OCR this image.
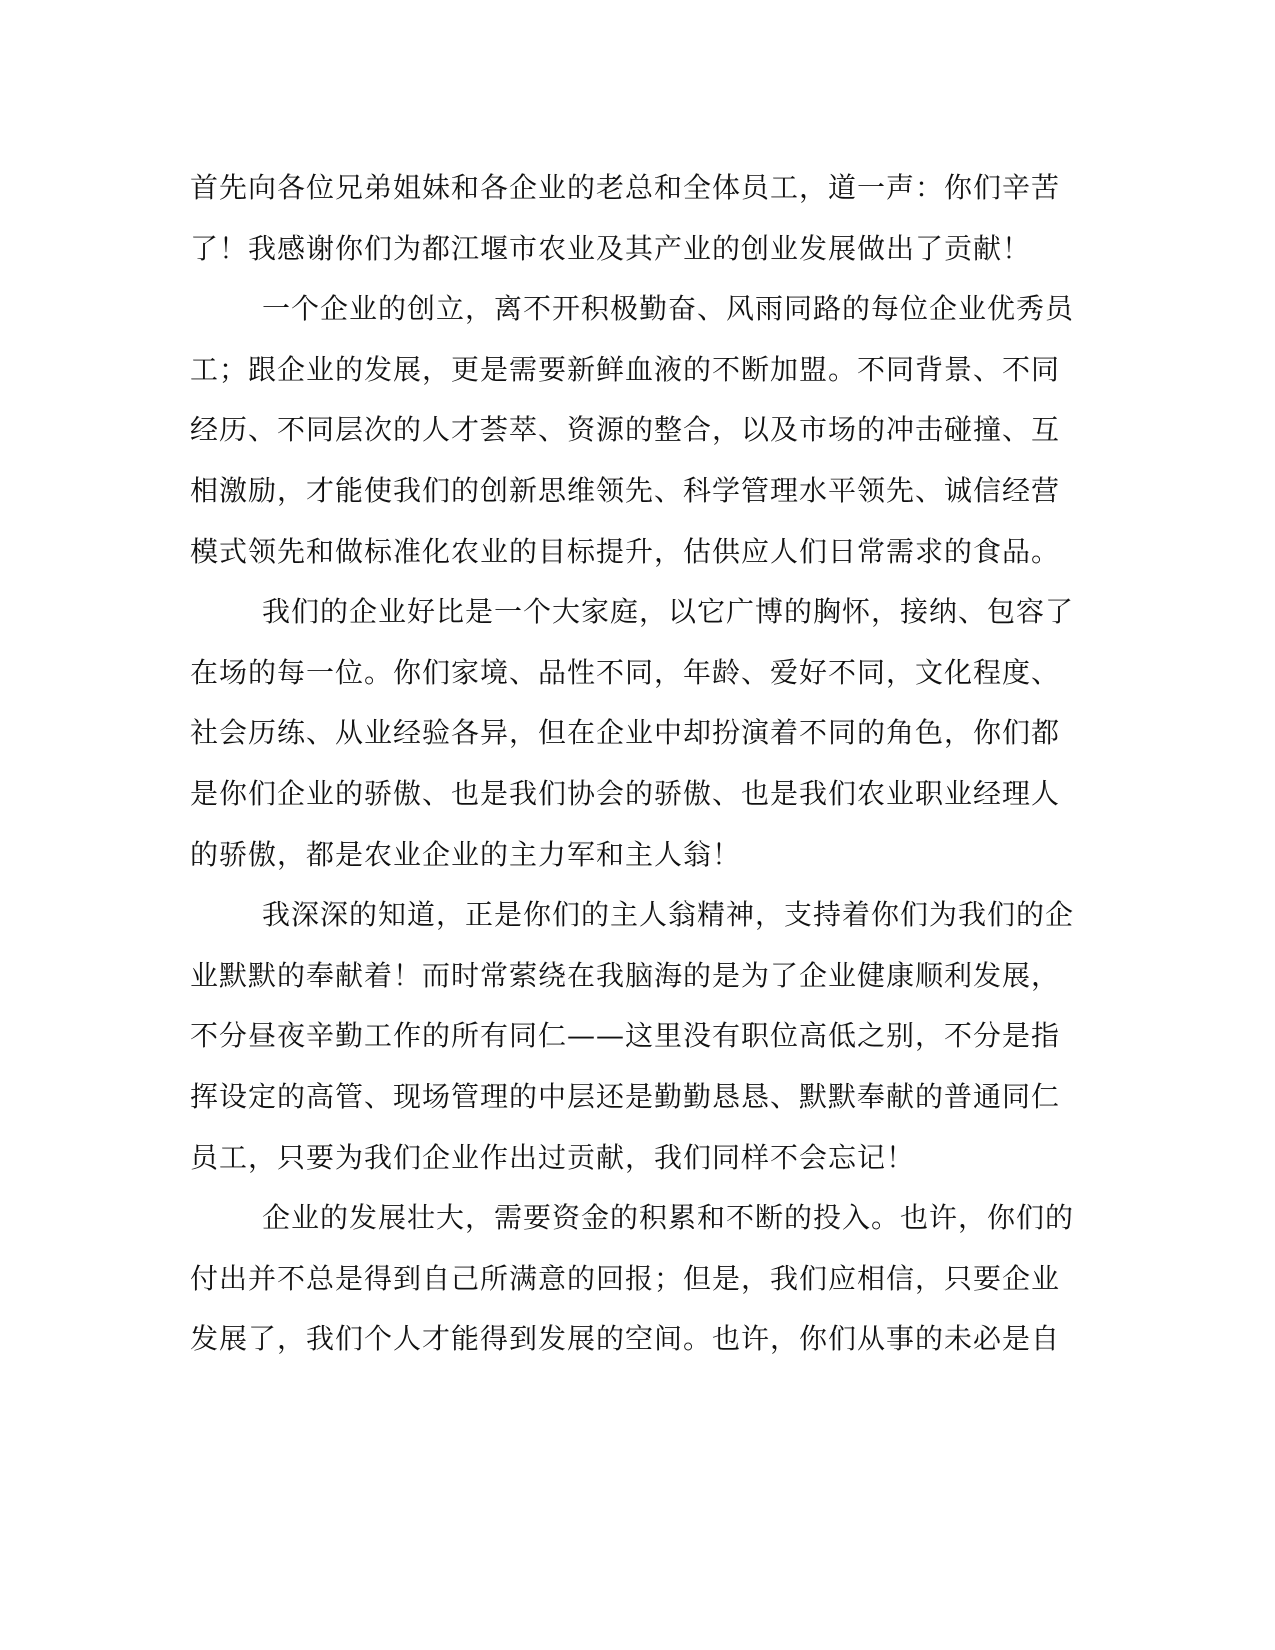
首先向各位兄弟姐妹和各企业的老总和全体员工，道一声：你们辛苦
了！我感谢你们为都江堰市农业及其产业的创业发展做出了贡献！
一个企业的创立，离不开积极勤奋、风雨同路的每位企业优秀员
工；跟企业的发展，更是需要新鲜血液的不断加盟。不同背景、不同
经历、不同层次的人才荟萃、资源的整合，以及市场的冲击碰撞、互
相激励，才能使我们的创新思维领先、科学管理水平领先、诚信经营
模式领先和做标准化农业的目标提升，估供应人们日常需求的食品。
我们的企业好比是一个大家庭，以它广博的胸怀，接纳、包容了
在场的每一位。你们家境、品性不同，年龄、爱好不同，文化程度、
社会历练、从业经验各异，但在企业中却扮演着不同的角色，你们都
是你们企业的骄傲、也是我们协会的骄傲、也是我们农业职业经理人
的骄傲，都是农业企业的主力军和主人翁！
我深深的知道，正是你们的主人翁精神，支持着你们为我们的企
业默默的奉献着！而时常萦绕在我脑海的是为了企业健康顺利发展，
不分昼夜辛勤工作的所有同仁——这里没有职位高低之别，不分是指
挥设定的高管、现场管理的中层还是勤勤恳恳、默默奉献的普通同仁
员工，只要为我们企业作出过贡献，我们同样不会忘记！
企业的发展壮大，需要资金的积累和不断的投入。也许，你们的
付出并不总是得到自己所满意的回报；但是，我们应相信，只要企业
发展了，我们个人才能得到发展的空间。也许，你们从事的未必是自
